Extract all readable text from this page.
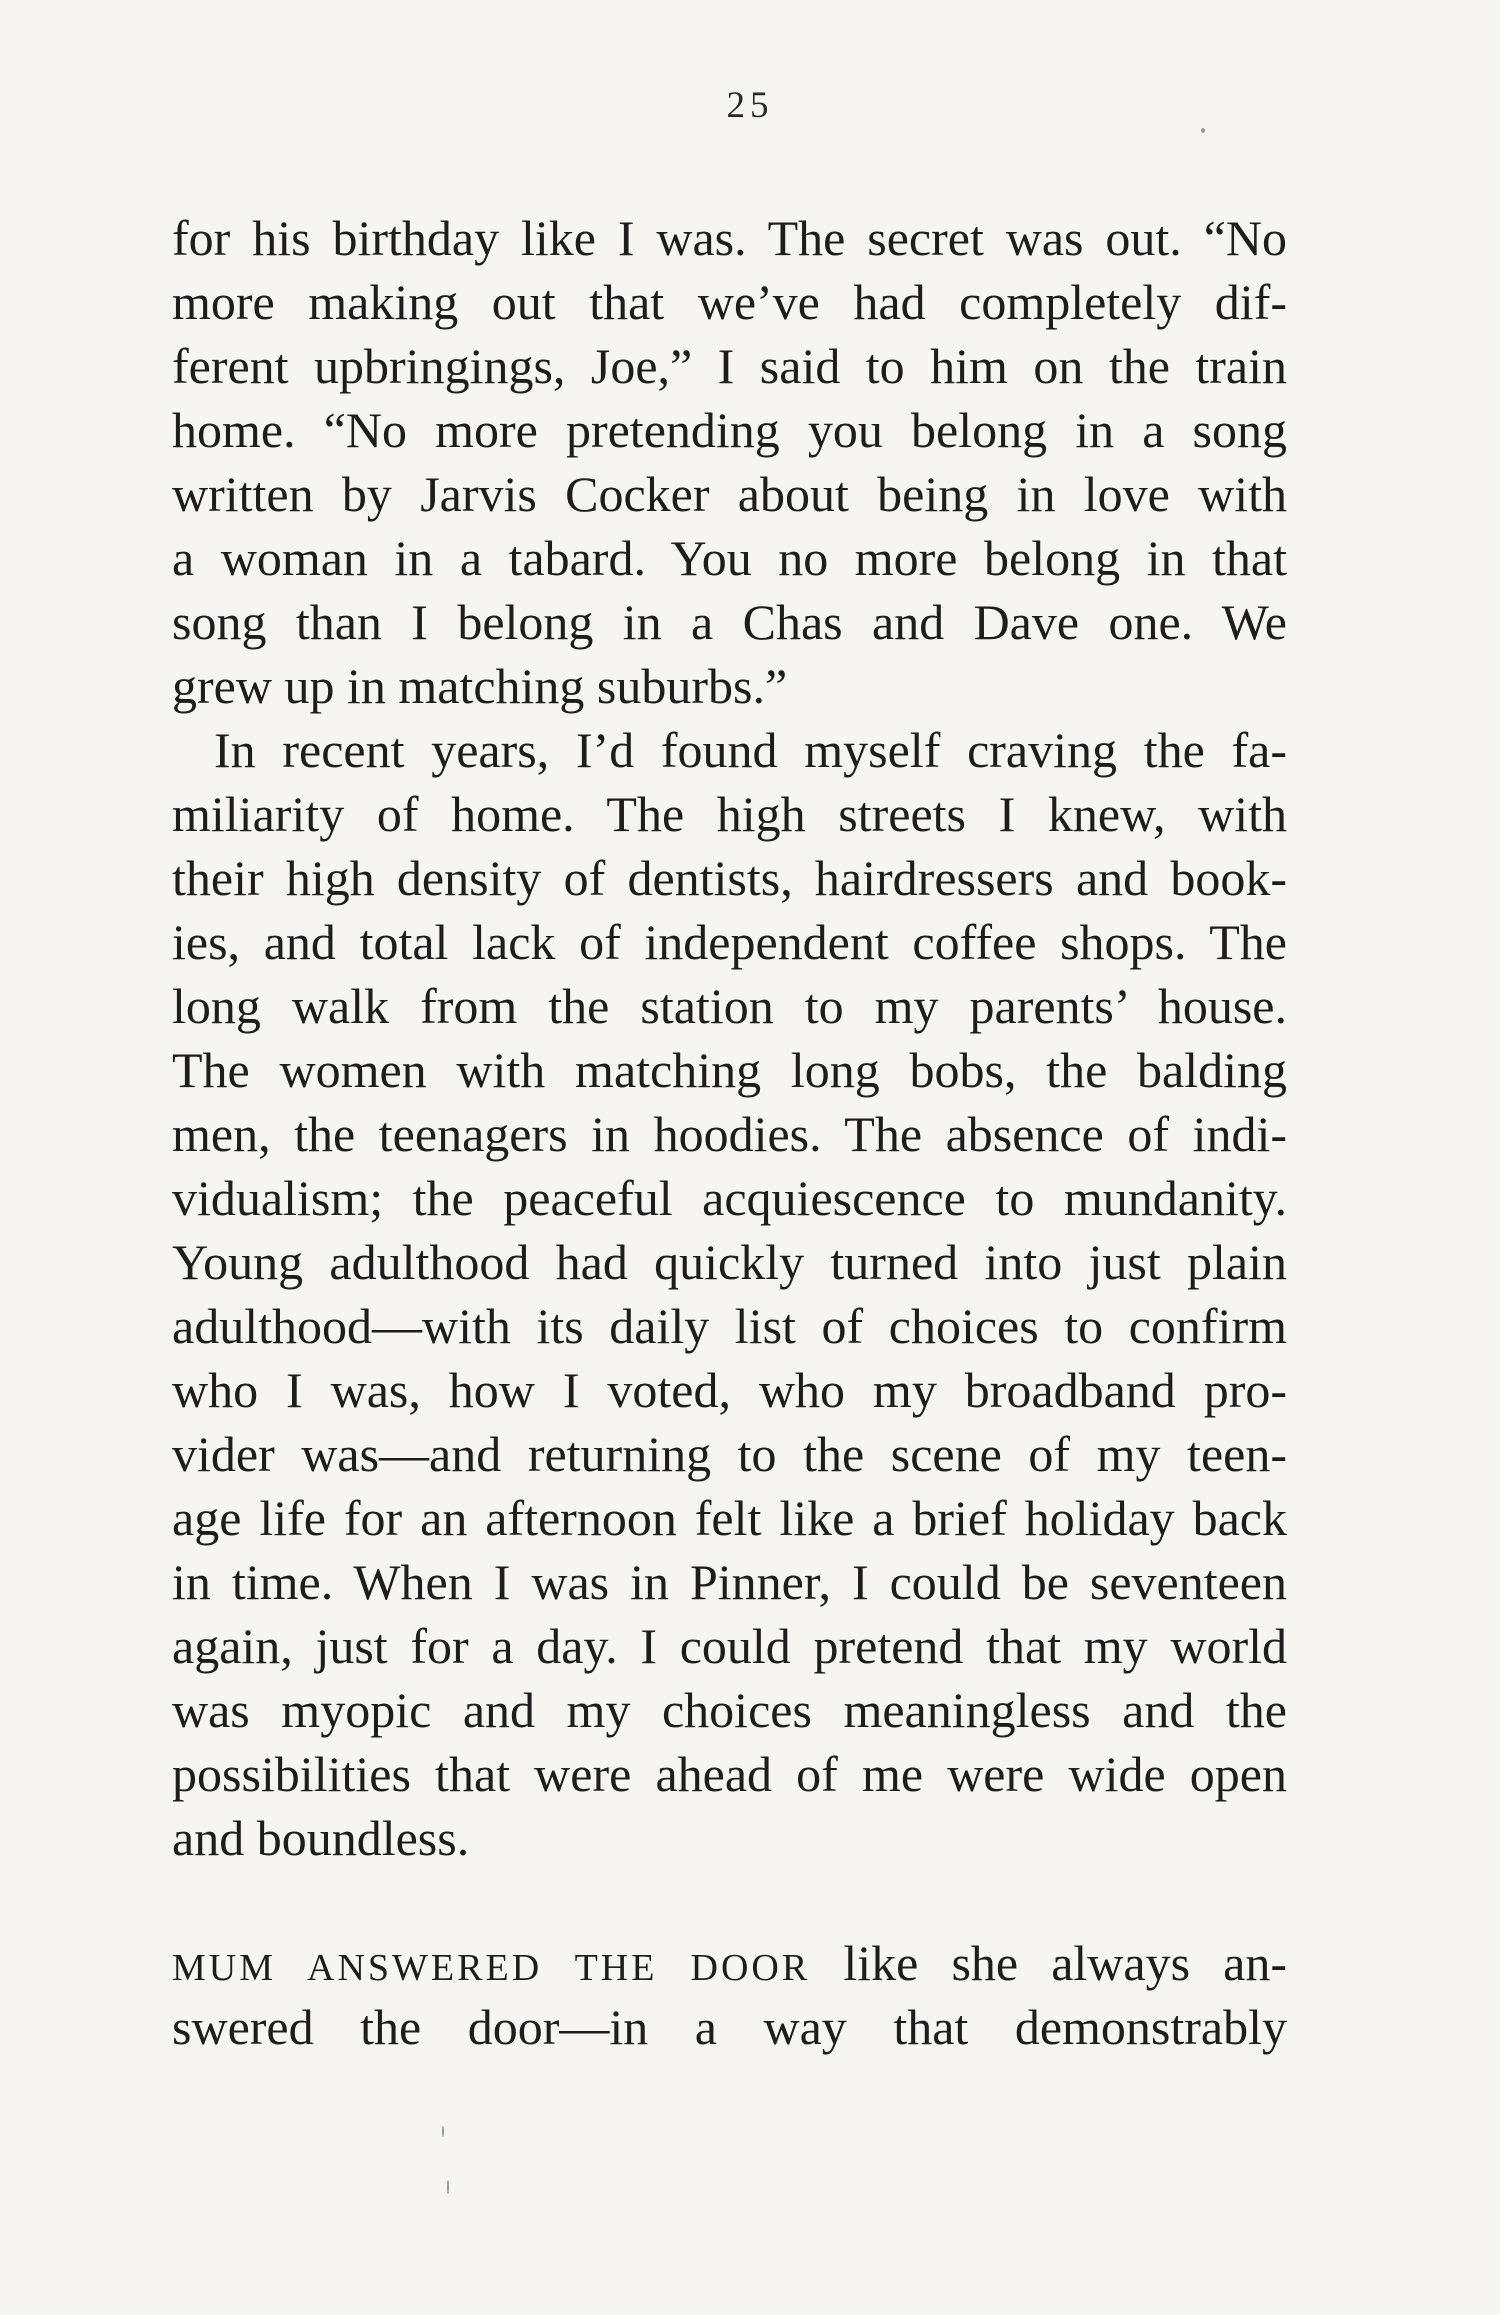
25
for his birthday like I was. The secret was out. “No
more making out that we’ve had completely dif-
ferent upbringings, Joe,” I said to him on the train
home. “No more pretending you belong in a song
written by Jarvis Cocker about being in love with
a woman in a tabard. You no more belong in that
song than I belong in a Chas and Dave one. We
grew up in matching suburbs.”
In recent years, I’d found myself craving the fa-
miliarity of home. The high streets I knew, with
their high density of dentists, hairdressers and book-
ies, and total lack of independent coffee shops. The
long walk from the station to my parents’ house.
The women with matching long bobs, the balding
men, the teenagers in hoodies. The absence of indi-
vidualism; the peaceful acquiescence to mundanity.
Young adulthood had quickly turned into just plain
adulthood—with its daily list of choices to confirm
who I was, how I voted, who my broadband pro-
vider was—and returning to the scene of my teen-
age life for an afternoon felt like a brief holiday back
in time. When I was in Pinner, I could be seventeen
again, just for a day. I could pretend that my world
was myopic and my choices meaningless and the
possibilities that were ahead of me were wide open
and boundless.
MUM ANSWERED THE DOOR like she always an-
swered the door—in a way that demonstrably
